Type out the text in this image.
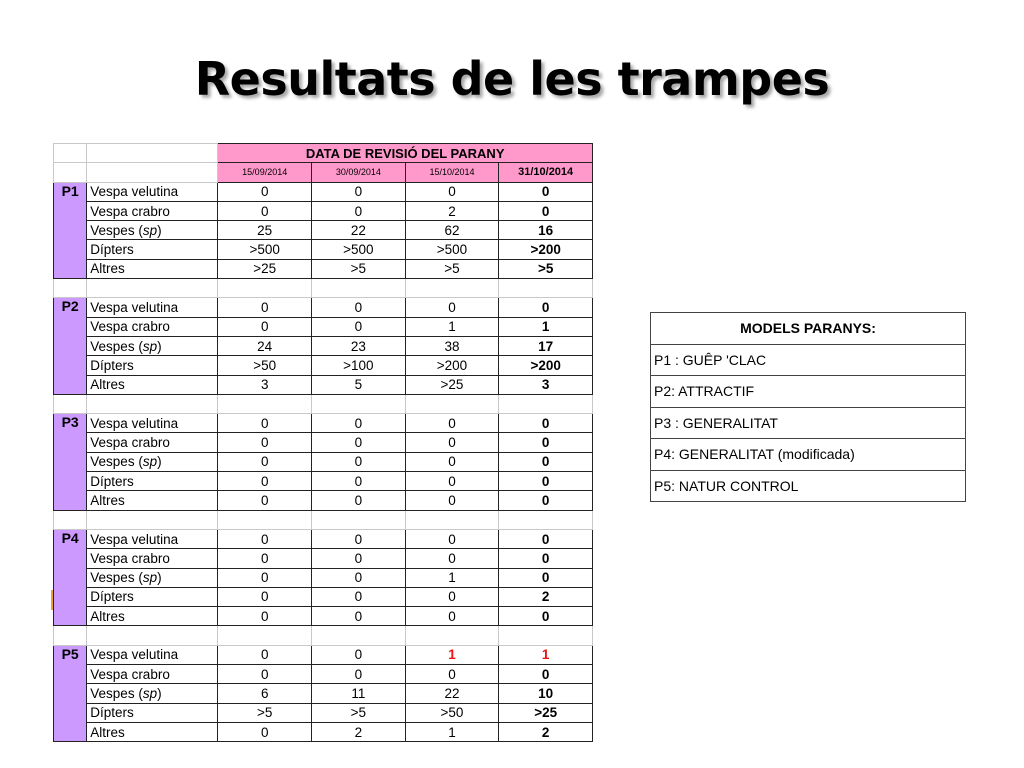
Resultats de les trampes
		DATA DE REVISIÓ DEL PARANY			
		15/09/2014	30/09/2014	15/10/2014	31/10/2014
P1	Vespa velutina	0	0	0	0
	Vespa crabro	0	0	2	0
	Vespes (sp)	25	22	62	16
	Dípters	>500	>500	>500	>200
	Altres	>25	>5	>5	>5

P2	Vespa velutina	0	0	0	0
	Vespa crabro	0	0	1	1
	Vespes (sp)	24	23	38	17
	Dípters	>50	>100	>200	>200
	Altres	3	5	>25	3

P3	Vespa velutina	0	0	0	0
	Vespa crabro	0	0	0	0
	Vespes (sp)	0	0	0	0
	Dípters	0	0	0	0
	Altres	0	0	0	0

P4	Vespa velutina	0	0	0	0
	Vespa crabro	0	0	0	0
	Vespes (sp)	0	0	1	0
	Dípters	0	0	0	2
	Altres	0	0	0	0

P5	Vespa velutina	0	0	1	1
	Vespa crabro	0	0	0	0
	Vespes (sp)	6	11	22	10
	Dípters	>5	>5	>50	>25
	Altres	0	2	1	2
MODELS PARANYS:
P1 : GUÊP 'CLAC
P2: ATTRACTIF
P3 : GENERALITAT
P4: GENERALITAT (modificada)
P5: NATUR CONTROL
